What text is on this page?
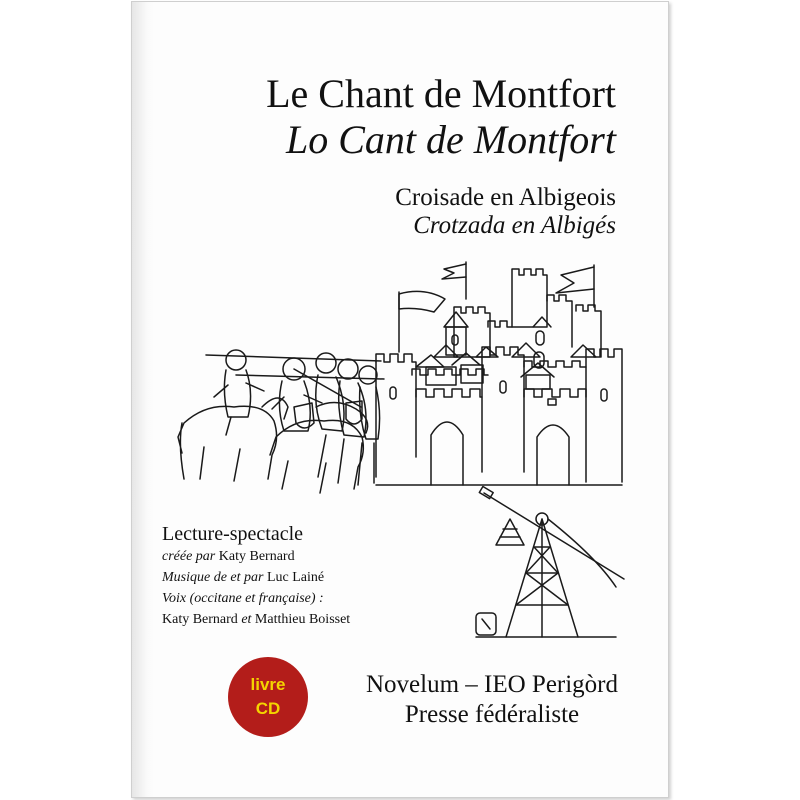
Le Chant de Montfort
Lo Cant de Montfort
Croisade en Albigeois
Crotzada en Albigés
Lecture-spectacle
créée par Katy Bernard
Musique de et par Luc Lainé
Voix (occitane et française) :
Katy Bernard et Matthieu Boisset
livre
CD
Novelum – IEO Perigòrd
Presse fédéraliste
